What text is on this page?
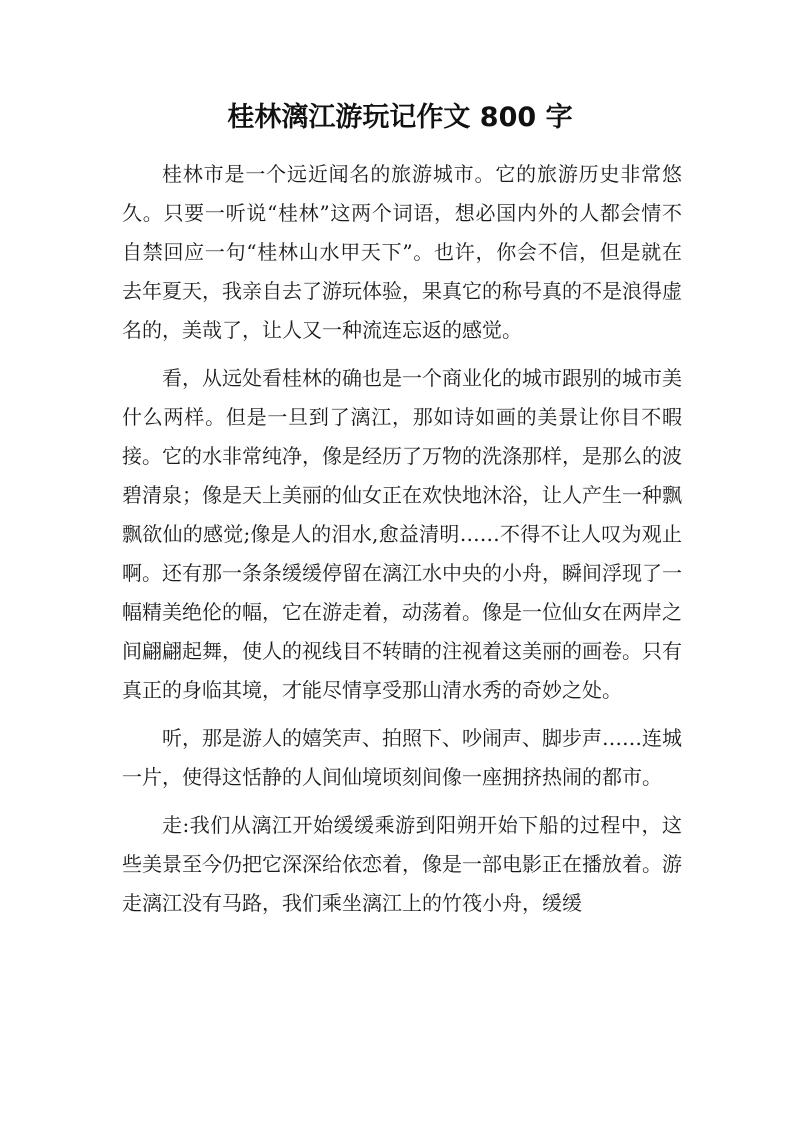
桂林漓江游玩记作文 800 字

桂林市是一个远近闻名的旅游城市。它的旅游历史非常悠久。只要一听说“桂林”这两个词语，想必国内外的人都会情不自禁回应一句“桂林山水甲天下”。也许，你会不信，但是就在去年夏天，我亲自去了游玩体验，果真它的称号真的不是浪得虚名的，美哉了，让人又一种流连忘返的感觉。

看，从远处看桂林的确也是一个商业化的城市跟别的城市美什么两样。但是一旦到了漓江，那如诗如画的美景让你目不暇接。它的水非常纯净，像是经历了万物的洗涤那样，是那么的波碧清泉；像是天上美丽的仙女正在欢快地沐浴，让人产生一种飘飘欲仙的感觉;像是人的泪水,愈益清明……不得不让人叹为观止啊。还有那一条条缓缓停留在漓江水中央的小舟，瞬间浮现了一幅精美绝伦的幅，它在游走着，动荡着。像是一位仙女在两岸之间翩翩起舞，使人的视线目不转睛的注视着这美丽的画卷。只有真正的身临其境，才能尽情享受那山清水秀的奇妙之处。

听，那是游人的嬉笑声、拍照下、吵闹声、脚步声……连城一片，使得这恬静的人间仙境顷刻间像一座拥挤热闹的都市。

走:我们从漓江开始缓缓乘游到阳朔开始下船的过程中，这些美景至今仍把它深深给依恋着，像是一部电影正在播放着。游走漓江没有马路，我们乘坐漓江上的竹筏小舟，缓缓
